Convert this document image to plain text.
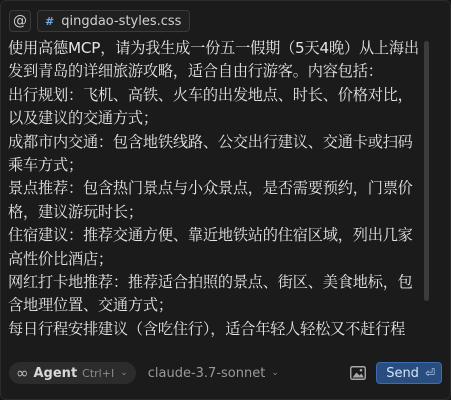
@ # qingdao-styles.css

使用高德MCP，请为我生成一份五一假期（5天4晚）从上海出发到青岛的详细旅游攻略，适合自由行游客。内容包括：

出行规划：飞机、高铁、火车的出发地点、时长、价格对比，以及建议的交通方式；

成都市内交通：包含地铁线路、公交出行建议、交通卡或扫码乘车方式；

景点推荐：包含热门景点与小众景点，是否需要预约，门票价格，建议游玩时长；

住宿建议：推荐交通方便、靠近地铁站的住宿区域，列出几家高性价比酒店；

网红打卡地推荐：推荐适合拍照的景点、街区、美食地标，包含地理位置、交通方式；

每日行程安排建议（含吃住行），适合年轻人轻松又不赶行程

∞ Agent Ctrl+I ⌄ claude-3.7-sonnet ⌄	Send ⏎
